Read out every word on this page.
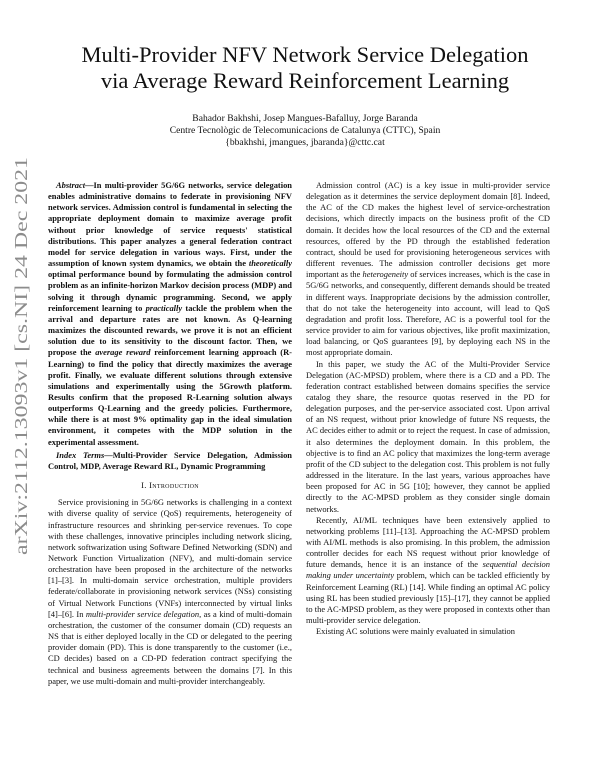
arXiv:2112.13093v1 [cs.NI] 24 Dec 2021
Multi-Provider NFV Network Service Delegation
via Average Reward Reinforcement Learning
Bahador Bakhshi, Josep Mangues-Bafalluy, Jorge Baranda
Centre Tecnològic de Telecomunicacions de Catalunya (CTTC), Spain
{bbakhshi, jmangues, jbaranda}@cttc.cat

Abstract—In multi-provider 5G/6G networks, service delegation enables administrative domains to federate in provisioning NFV network services. Admission control is fundamental in selecting the appropriate deployment domain to maximize average profit without prior knowledge of service requests' statistical distributions. This paper analyzes a general federation contract model for service delegation in various ways. First, under the assumption of known system dynamics, we obtain the theoretically optimal performance bound by formulating the admission control problem as an infinite-horizon Markov decision process (MDP) and solving it through dynamic programming. Second, we apply reinforcement learning to practically tackle the problem when the arrival and departure rates are not known. As Q-learning maximizes the discounted rewards, we prove it is not an efficient solution due to its sensitivity to the discount factor. Then, we propose the average reward reinforcement learning approach (R-Learning) to find the policy that directly maximizes the average profit. Finally, we evaluate different solutions through extensive simulations and experimentally using the 5Growth platform. Results confirm that the proposed R-Learning solution always outperforms Q-Learning and the greedy policies. Furthermore, while there is at most 9% optimality gap in the ideal simulation environment, it competes with the MDP solution in the experimental assessment.

Index Terms—Multi-Provider Service Delegation, Admission Control, MDP, Average Reward RL, Dynamic Programming

I. Introduction

Service provisioning in 5G/6G networks is challenging in a context with diverse quality of service (QoS) requirements, heterogeneity of infrastructure resources and shrinking per-service revenues. To cope with these challenges, innovative principles including network slicing, network softwarization using Software Defined Networking (SDN) and Network Function Virtualization (NFV), and multi-domain service orchestration have been proposed in the architecture of the networks [1]–[3]. In multi-domain service orchestration, multiple providers federate/collaborate in provisioning network services (NSs) consisting of Virtual Network Functions (VNFs) interconnected by virtual links [4]–[6]. In multi-provider service delegation, as a kind of multi-domain orchestration, the customer of the consumer domain (CD) requests an NS that is either deployed locally in the CD or delegated to the peering provider domain (PD). This is done transparently to the customer (i.e., CD decides) based on a CD-PD federation contract specifying the technical and business agreements between the domains [7]. In this paper, we use multi-domain and multi-provider interchangeably.

Admission control (AC) is a key issue in multi-provider service delegation as it determines the service deployment domain [8]. Indeed, the AC of the CD makes the highest level of service-orchestration decisions, which directly impacts on the business profit of the CD domain. It decides how the local resources of the CD and the external resources, offered by the PD through the established federation contract, should be used for provisioning heterogeneous services with different revenues. The admission controller decisions get more important as the heterogeneity of services increases, which is the case in 5G/6G networks, and consequently, different demands should be treated in different ways. Inappropriate decisions by the admission controller, that do not take the heterogeneity into account, will lead to QoS degradation and profit loss. Therefore, AC is a powerful tool for the service provider to aim for various objectives, like profit maximization, load balancing, or QoS guarantees [9], by deploying each NS in the most appropriate domain.

In this paper, we study the AC of the Multi-Provider Service Delegation (AC-MPSD) problem, where there is a CD and a PD. The federation contract established between domains specifies the service catalog they share, the resource quotas reserved in the PD for delegation purposes, and the per-service associated cost. Upon arrival of an NS request, without prior knowledge of future NS requests, the AC decides either to admit or to reject the request. In case of admission, it also determines the deployment domain. In this problem, the objective is to find an AC policy that maximizes the long-term average profit of the CD subject to the delegation cost. This problem is not fully addressed in the literature. In the last years, various approaches have been proposed for AC in 5G [10]; however, they cannot be applied directly to the AC-MPSD problem as they consider single domain networks.

Recently, AI/ML techniques have been extensively applied to networking problems [11]–[13]. Approaching the AC-MPSD problem with AI/ML methods is also promising. In this problem, the admission controller decides for each NS request without prior knowledge of future demands, hence it is an instance of the sequential decision making under uncertainty problem, which can be tackled efficiently by Reinforcement Learning (RL) [14]. While finding an optimal AC policy using RL has been studied previously [15]–[17], they cannot be applied to the AC-MPSD problem, as they were proposed in contexts other than multi-provider service delegation.

Existing AC solutions were mainly evaluated in simulation
